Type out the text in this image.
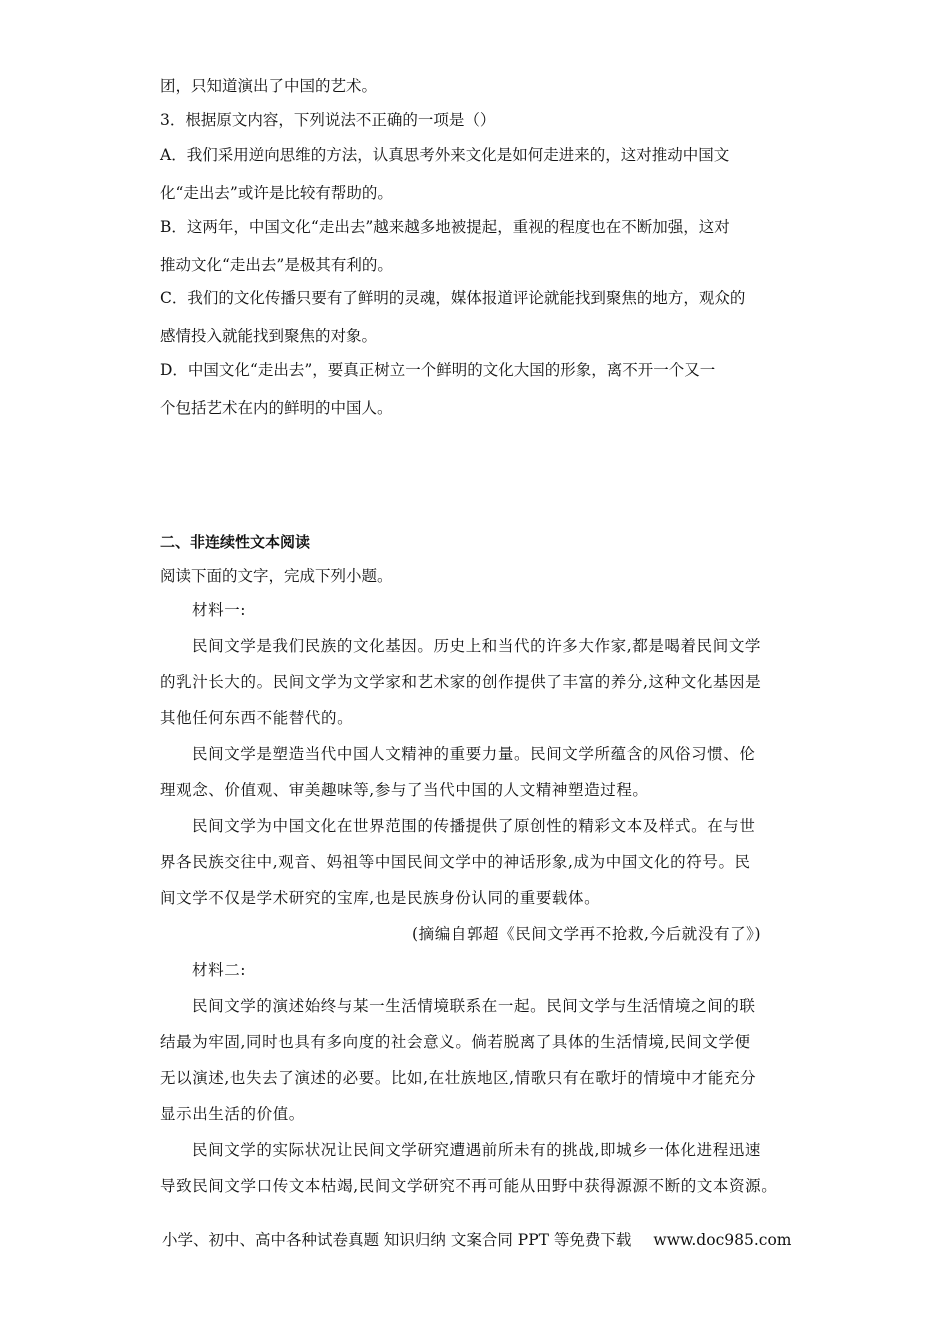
团，只知道演出了中国的艺术。
3．根据原文内容，下列说法不正确的一项是（）
A．我们采用逆向思维的方法，认真思考外来文化是如何走进来的，这对推动中国文
化“走出去”或许是比较有帮助的。
B．这两年，中国文化“走出去”越来越多地被提起，重视的程度也在不断加强，这对
推动文化“走出去”是极其有利的。
C．我们的文化传播只要有了鲜明的灵魂，媒体报道评论就能找到聚焦的地方，观众的
感情投入就能找到聚焦的对象。
D．中国文化“走出去”，要真正树立一个鲜明的文化大国的形象，离不开一个又一
个包括艺术在内的鲜明的中国人。
二、非连续性文本阅读
阅读下面的文字，完成下列小题。
材料一:
民间文学是我们民族的文化基因。历史上和当代的许多大作家,都是喝着民间文学
的乳汁长大的。民间文学为文学家和艺术家的创作提供了丰富的养分,这种文化基因是
其他任何东西不能替代的。
民间文学是塑造当代中国人文精神的重要力量。民间文学所蕴含的风俗习惯、伦
理观念、价值观、审美趣味等,参与了当代中国的人文精神塑造过程。
民间文学为中国文化在世界范围的传播提供了原创性的精彩文本及样式。在与世
界各民族交往中,观音、妈祖等中国民间文学中的神话形象,成为中国文化的符号。民
间文学不仅是学术研究的宝库,也是民族身份认同的重要载体。
(摘编自郭超《民间文学再不抢救,今后就没有了》)
材料二:
民间文学的演述始终与某一生活情境联系在一起。民间文学与生活情境之间的联
结最为牢固,同时也具有多向度的社会意义。倘若脱离了具体的生活情境,民间文学便
无以演述,也失去了演述的必要。比如,在壮族地区,情歌只有在歌圩的情境中才能充分
显示出生活的价值。
民间文学的实际状况让民间文学研究遭遇前所未有的挑战,即城乡一体化进程迅速
导致民间文学口传文本枯竭,民间文学研究不再可能从田野中获得源源不断的文本资源。
小学、初中、高中各种试卷真题 知识归纳 文案合同 PPT 等免费下载 www.doc985.com
